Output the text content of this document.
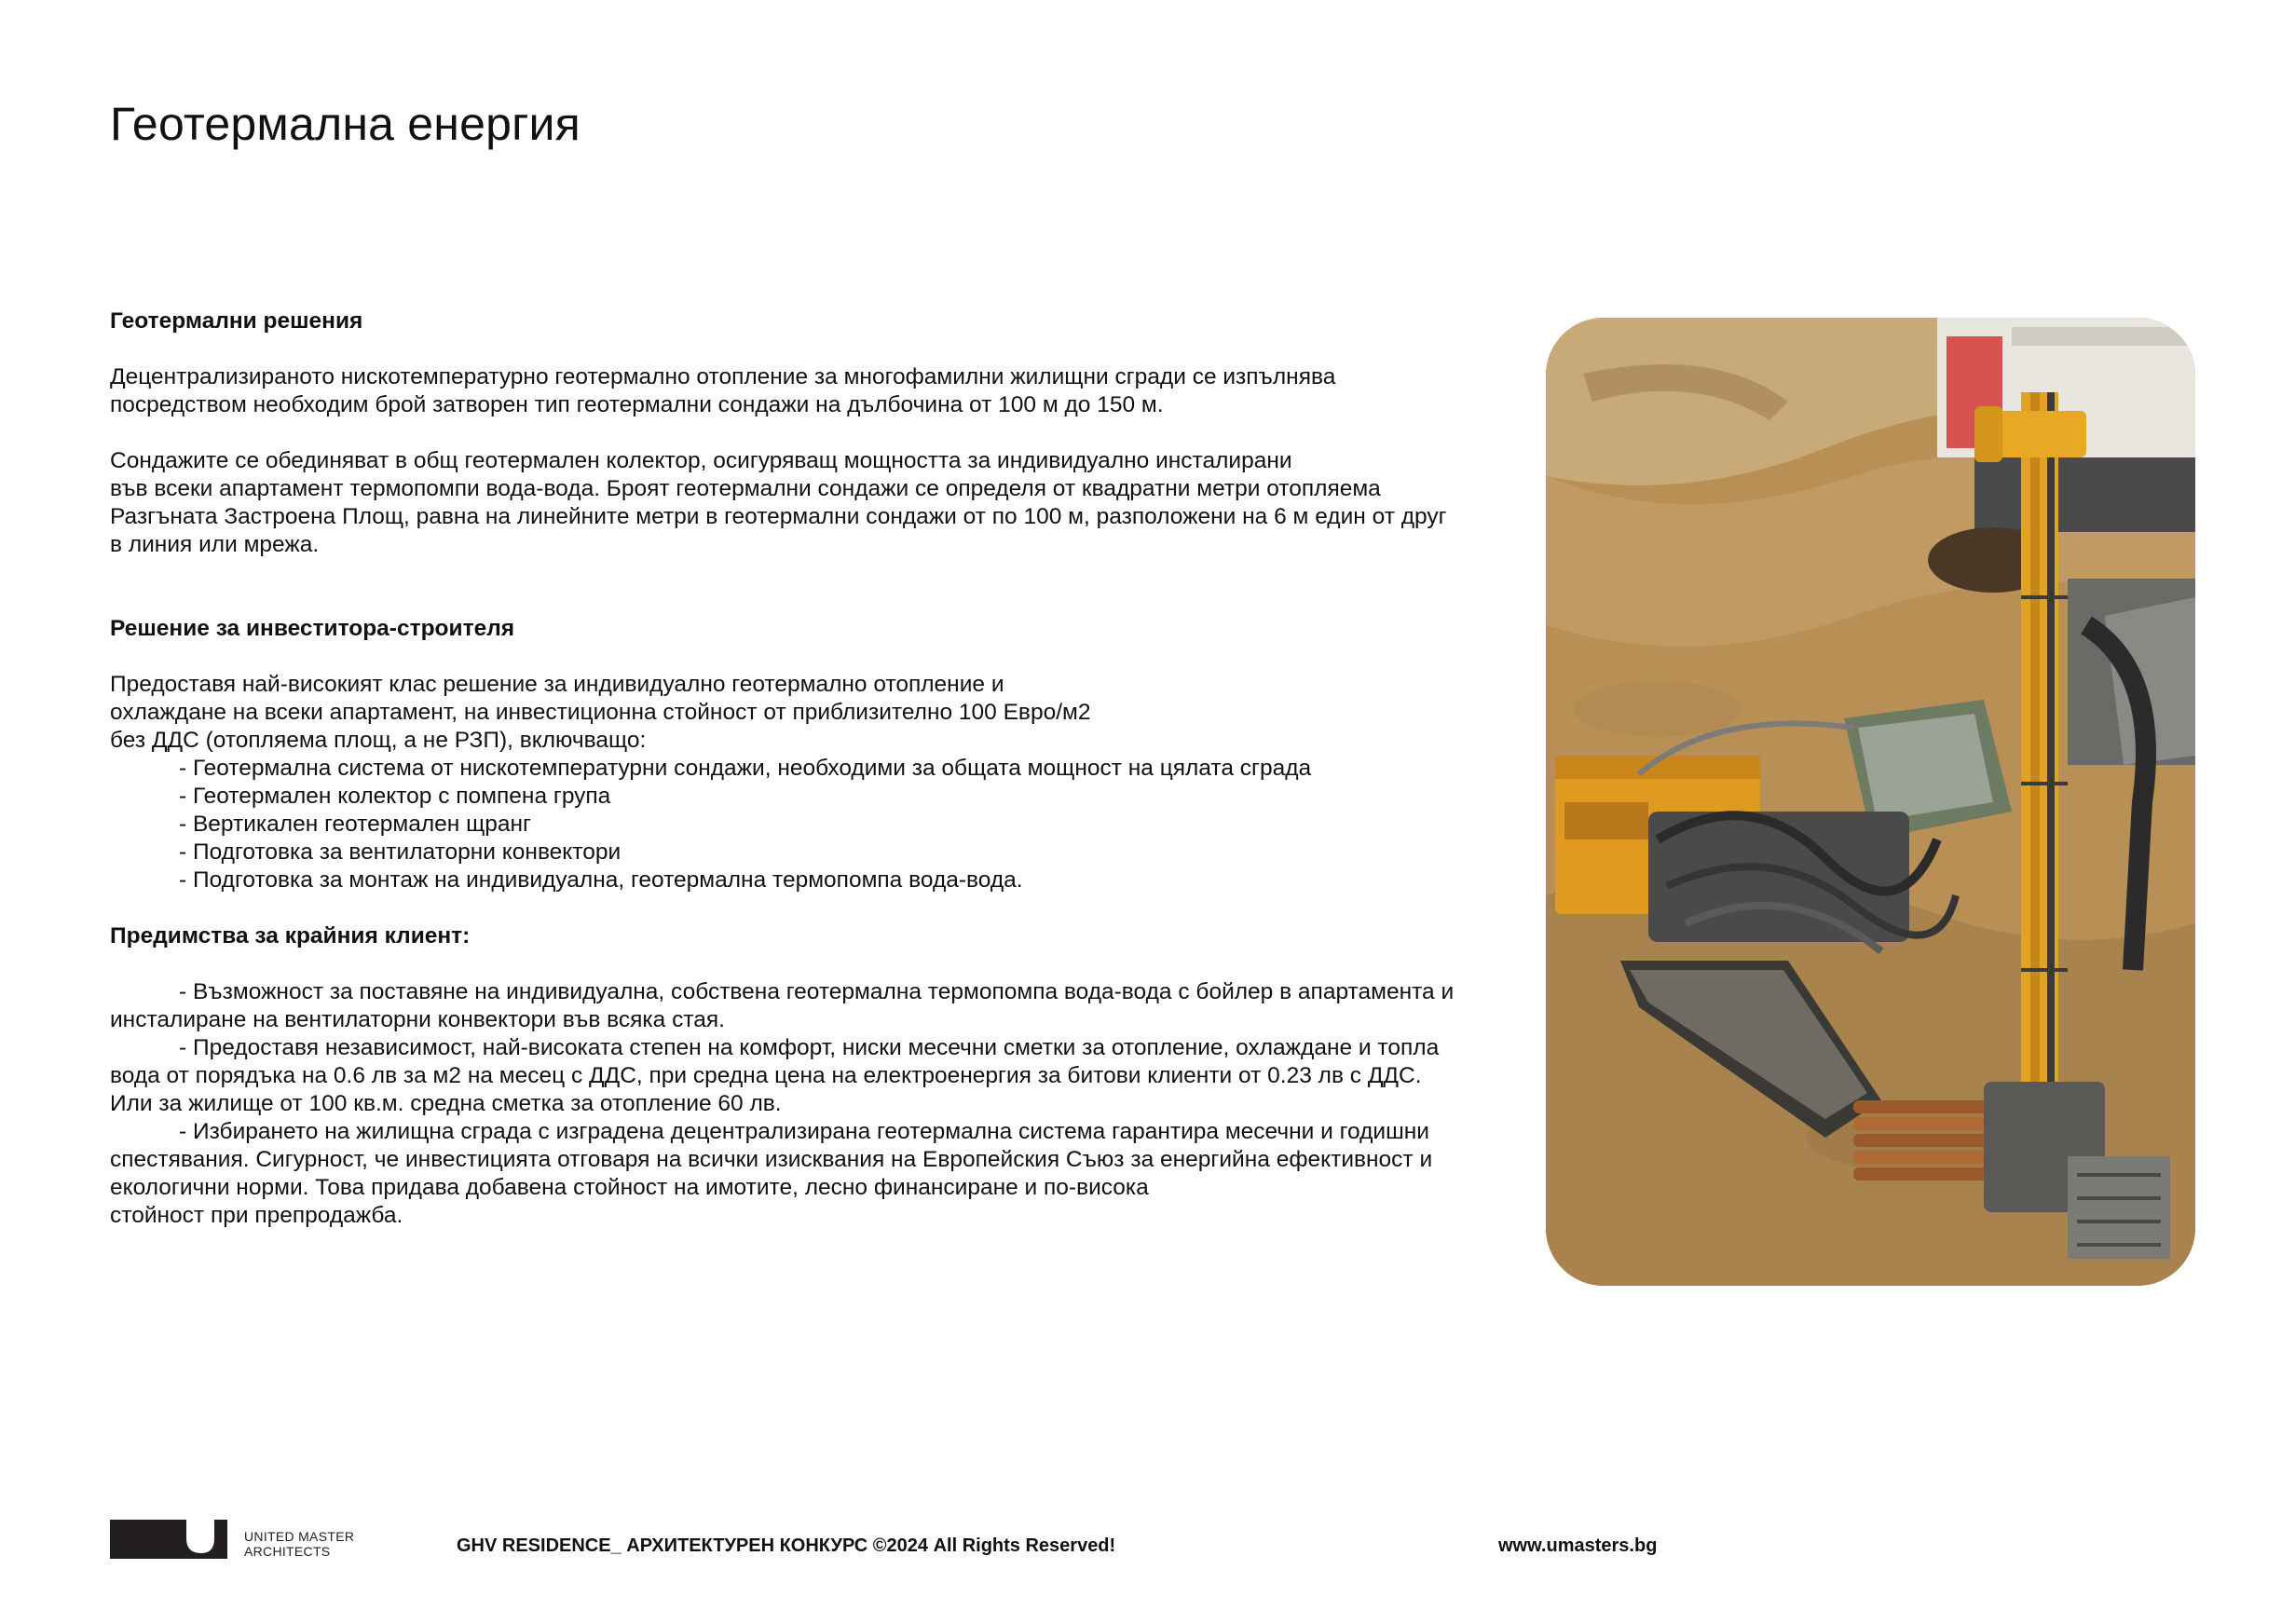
Геотермална енергия

Геотермални решения

Децентрализираното нискотемпературно геотермално отопление за многофамилни жилищни сгради се изпълнява
посредством необходим брой затворен тип геотермални сондажи на дълбочина от 100 м до 150 м.

Сондажите се обединяват в общ геотермален колектор, осигуряващ мощността за индивидуално инсталирани
във всеки апартамент термопомпи вода-вода. Броят геотермални сондажи се определя от квадратни метри отопляема
Разгъната Застроена Площ, равна на линейните метри в геотермални сондажи от по 100 м, разположени на 6 м един от друг
в линия или мрежа.

Решение за инвеститора-строителя

Предоставя най-високият клас решение за индивидуално геотермално отопление и
охлаждане на всеки апартамент, на инвестиционна стойност от приблизително 100 Евро/м2
без ДДС (отопляема площ, а не РЗП), включващо:

- Геотермална система от нискотемпературни сондажи, необходими за общата мощност на цялата сграда

- Геотермален колектор с помпена група

- Вертикален геотермален щранг

- Подготовка за вентилаторни конвектори

- Подготовка за монтаж на индивидуална, геотермална термопомпа вода-вода.

Предимства за крайния клиент:

- Възможност за поставяне на индивидуална, собствена геотермална термопомпа вода-вода с бойлер в апартамента и
инсталиране на вентилаторни конвектори във всяка стая.

- Предоставя независимост, най-високата степен на комфорт, ниски месечни сметки за отопление, охлаждане и топла
вода от порядъка на 0.6 лв за м2 на месец с ДДС, при средна цена на електроенергия за битови клиенти от 0.23 лв с ДДС.
Или за жилище от 100 кв.м. средна сметка за отопление 60 лв.

- Избирането на жилищна сграда с изградена децентрализирана геотермална система гарантира месечни и годишни
спестявания. Сигурност, че инвестицията отговаря на всички изисквания на Европейския Съюз за енергийна ефективност и
екологични норми. Това придава добавена стойност на имотите, лесно финансиране и по-висока
стойност при препродажба.

UNITED MASTER
ARCHITECTS	GHV RESIDENCE_ АРХИТЕКТУРЕН КОНКУРС ©2024 All Rights Reserved!	www.umasters.bg
